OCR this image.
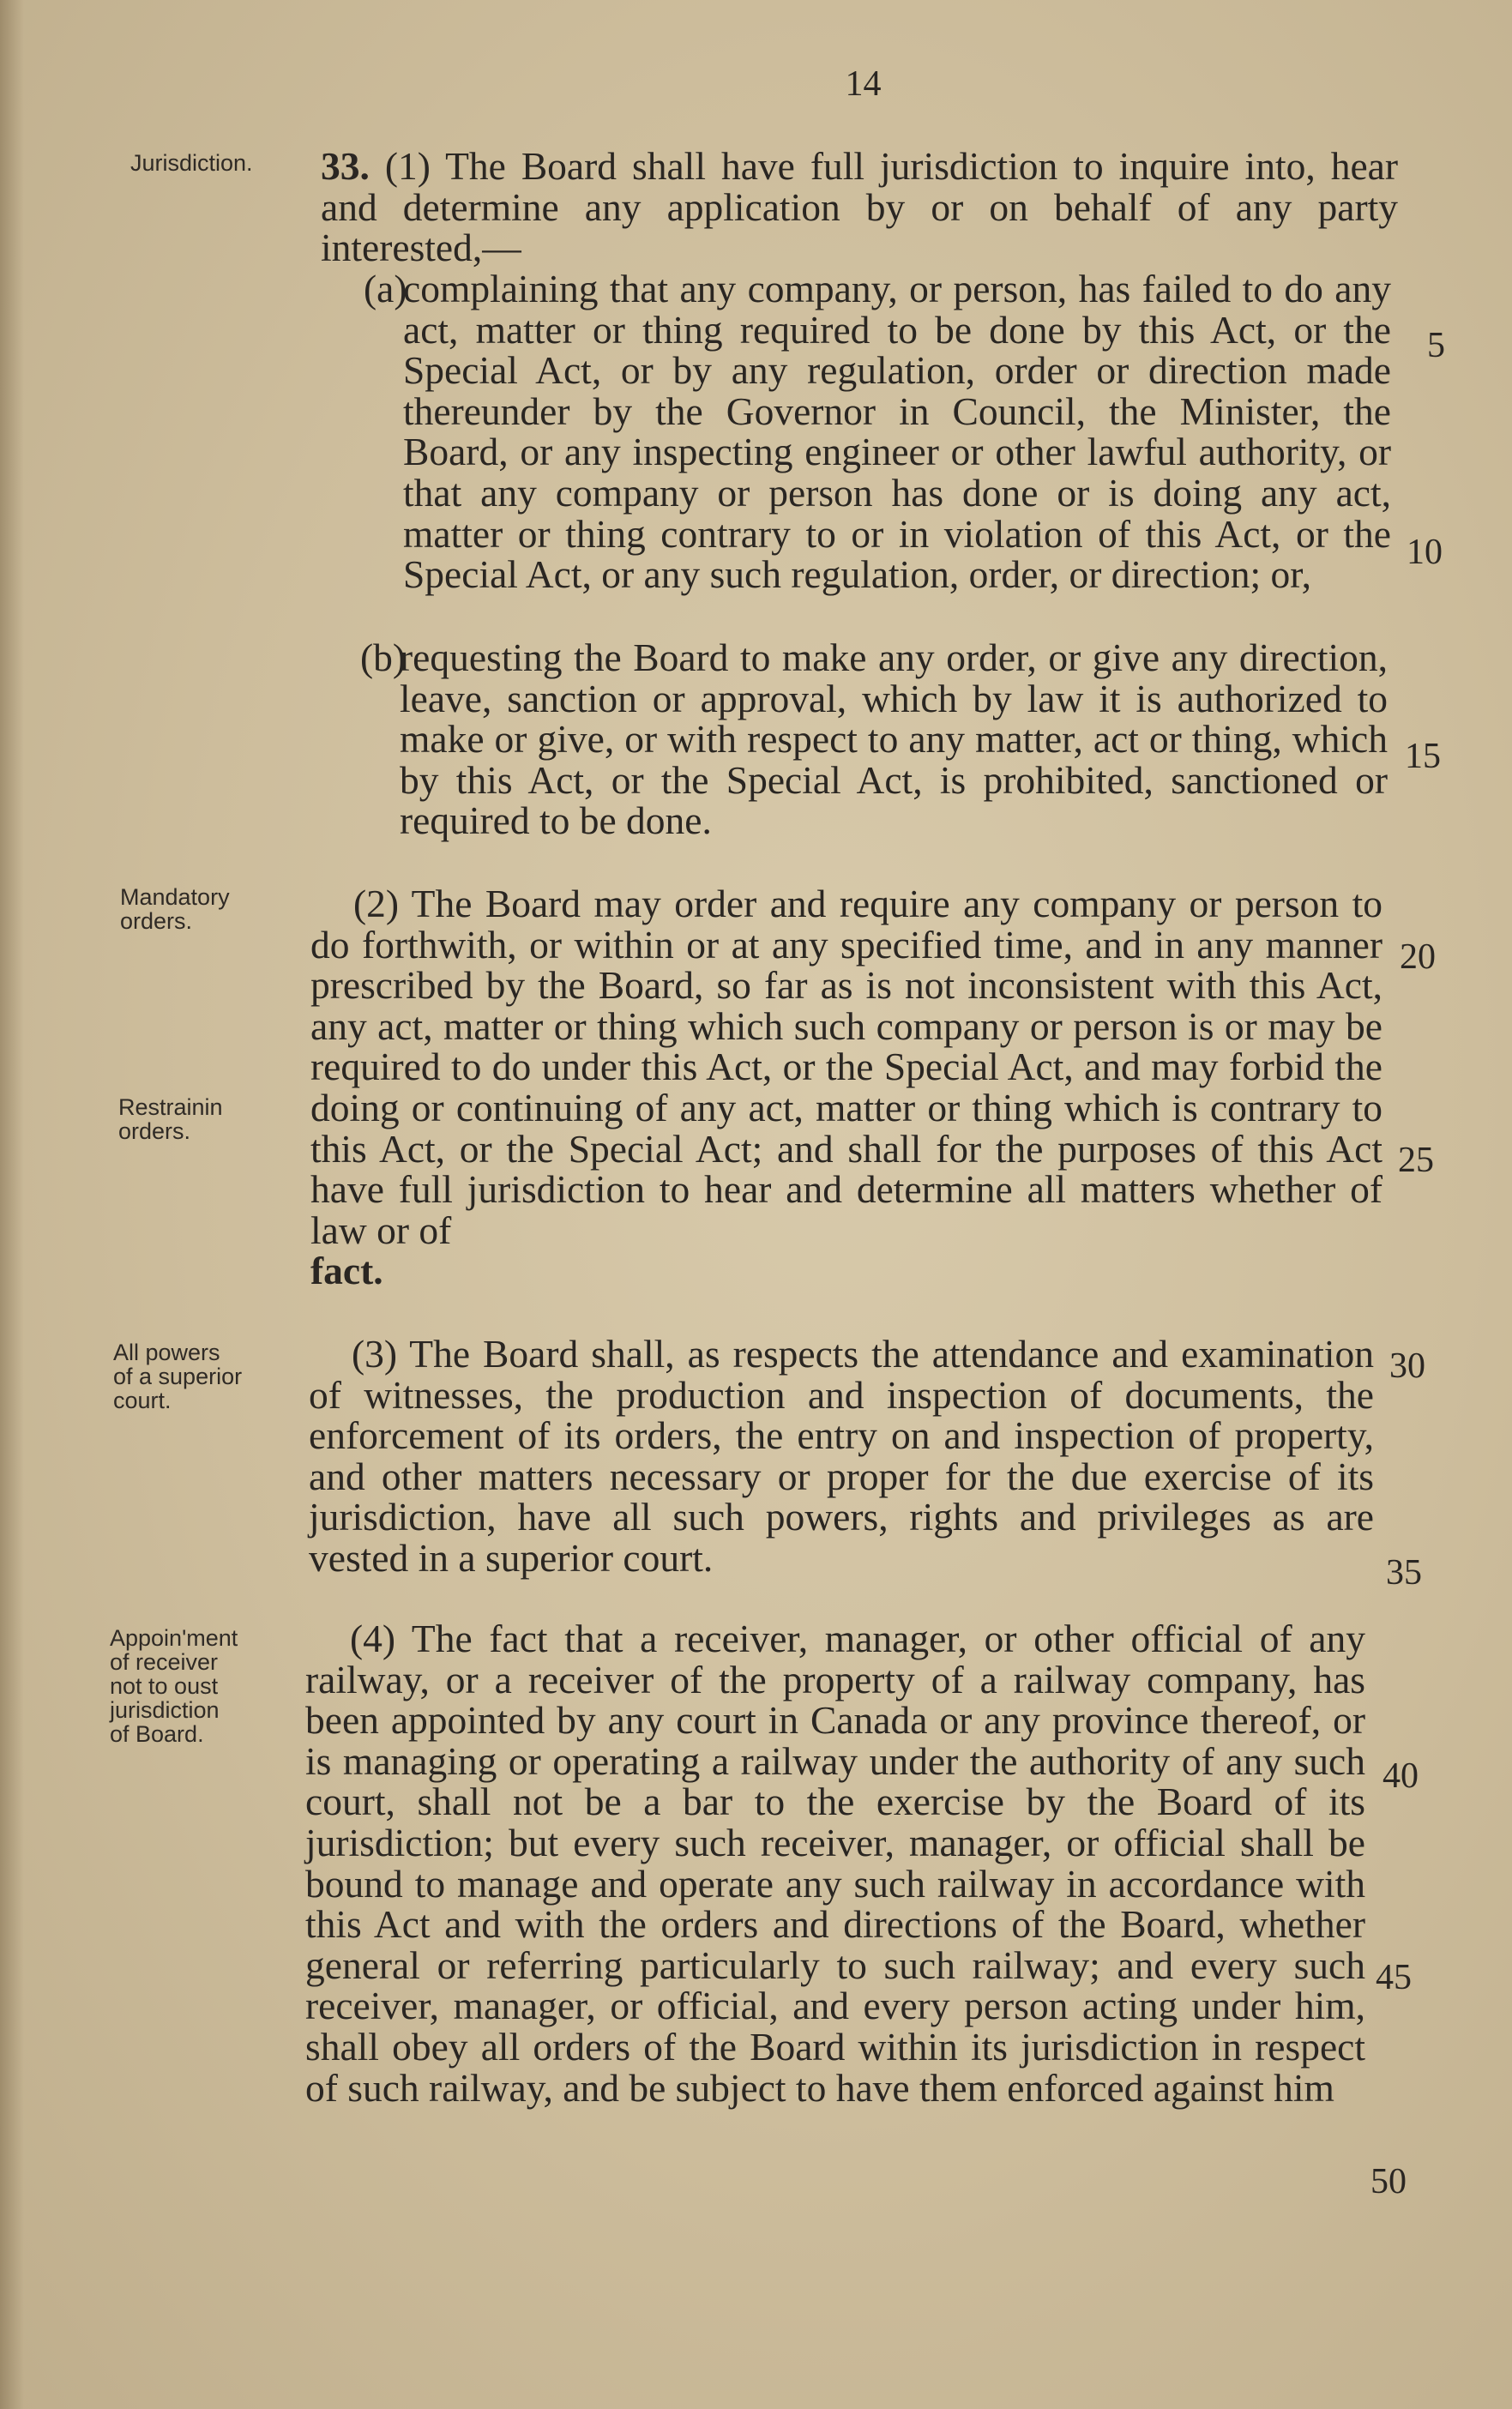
14
Jurisdiction.
Mandatory
orders.
Restrainin
orders.
All powers
of a superior
court.
Appoin'ment
of receiver
not to oust
jurisdiction
of Board.

33. (1) The Board shall have full jurisdiction to inquire into, hear and determine any application by or on behalf of any party interested,—

(a)
complaining that any company, or person, has failed to do any act, matter or thing required to be done by this Act, or the Special Act, or by any regulation, order or direction made thereunder by the Governor in Council, the Minister, the Board, or any inspecting engineer or other lawful authority, or that any company or person has done or is doing any act, matter or thing contrary to or in violation of this Act, or the Special Act, or any such regulation, order, or direction; or,
(b)
requesting the Board to make any order, or give any direction, leave, sanction or approval, which by law it is authorized to make or give, or with respect to any matter, act or thing, which by this Act, or the Special Act, is prohibited, sanctioned or required to be done.

(2) The Board may order and require any company or person to do forthwith, or within or at any specified time, and in any manner prescribed by the Board, so far as is not inconsistent with this Act, any act, matter or thing which such company or person is or may be required to do under this Act, or the Special Act, and may forbid the doing or continuing of any act, matter or thing which is contrary to this Act, or the Special Act; and shall for the purposes of this Act have full jurisdiction to hear and determine all matters whether of law or of
fact.

(3) The Board shall, as respects the attendance and examination of witnesses, the production and inspection of documents, the enforcement of its orders, the entry on and inspection of property, and other matters necessary or proper for the due exercise of its jurisdiction, have all such powers, rights and privileges as are vested in a superior court.

(4) The fact that a receiver, manager, or other official of any railway, or a receiver of the property of a railway company, has been appointed by any court in Canada or any province thereof, or is managing or operating a railway under the authority of any such court, shall not be a bar to the exercise by the Board of its jurisdiction; but every such receiver, manager, or official shall be bound to manage and operate any such railway in accordance with this Act and with the orders and directions of the Board, whether general or referring particularly to such railway; and every such receiver, manager, or official, and every person acting under him, shall obey all orders of the Board within its jurisdiction in respect of such railway, and be subject to have them enforced against him

5
10
15
20
25
30
35
40
45
50
